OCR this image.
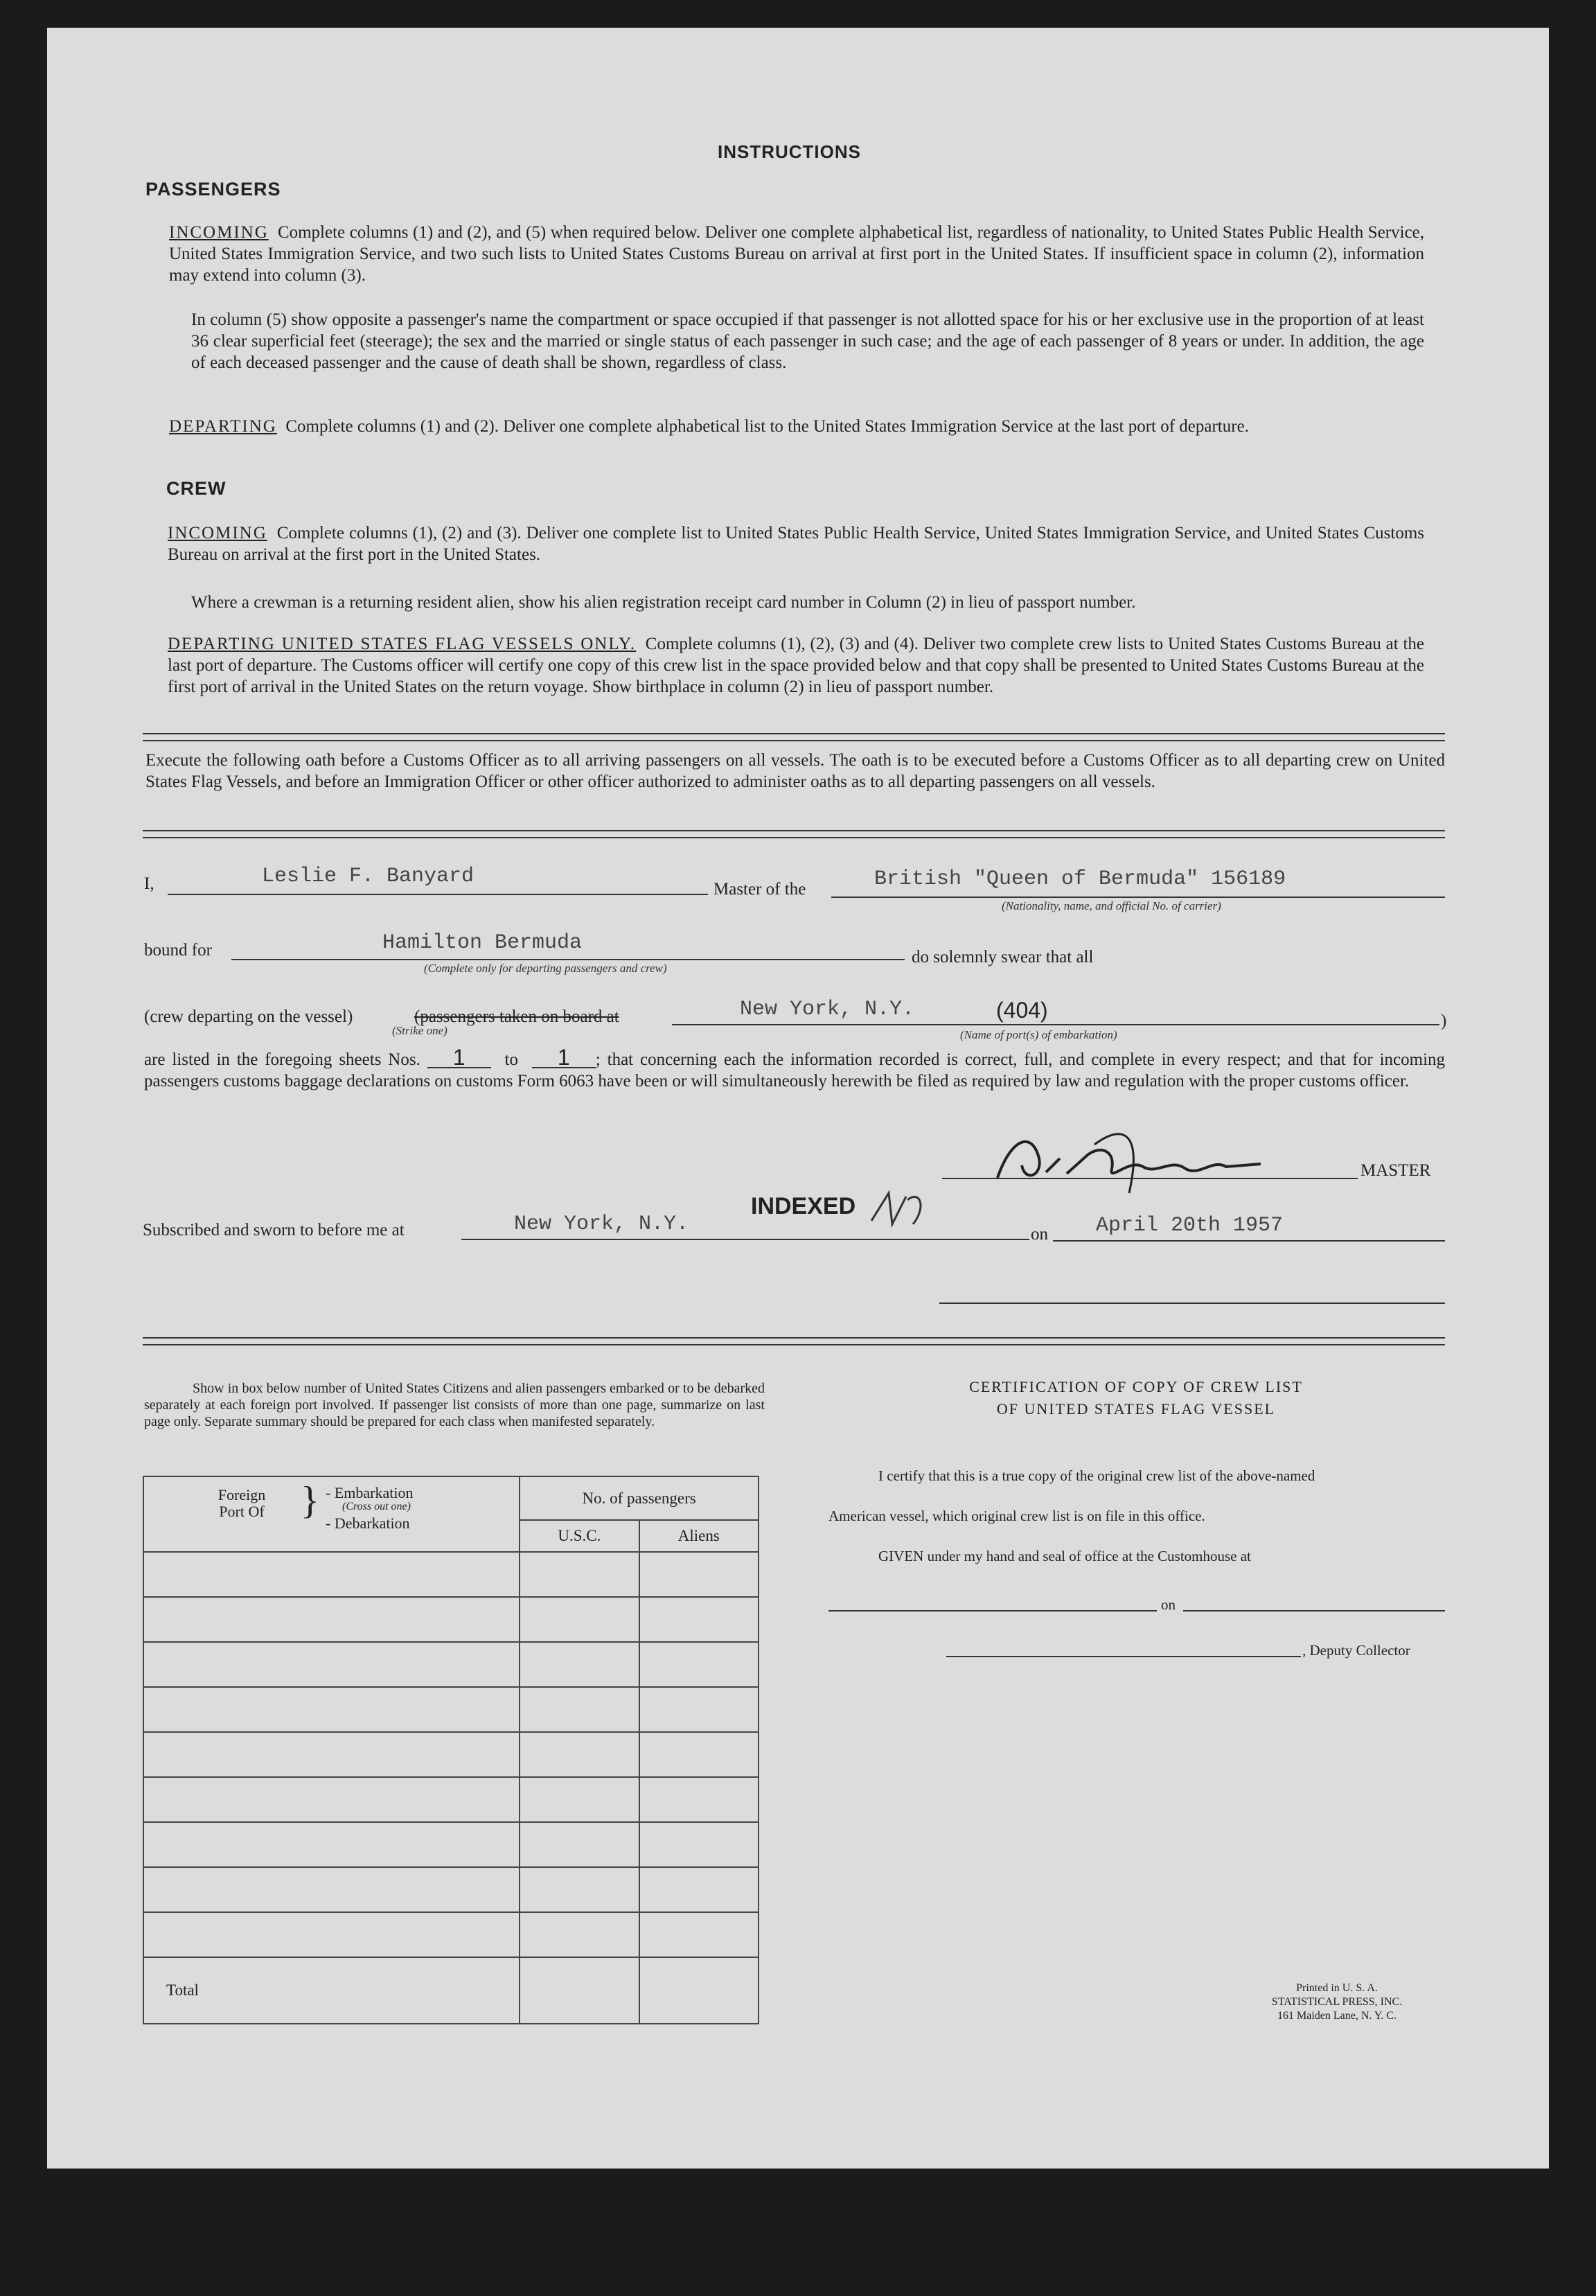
INSTRUCTIONS
PASSENGERS
INCOMING Complete columns (1) and (2), and (5) when required below. Deliver one complete alphabetical list, regardless of nationality, to United States Public Health Service, United States Immigration Service, and two such lists to United States Customs Bureau on arrival at first port in the United States. If insufficient space in column (2), information may extend into column (3).
In column (5) show opposite a passenger's name the compartment or space occupied if that passenger is not allotted space for his or her exclusive use in the proportion of at least 36 clear superficial feet (steerage); the sex and the married or single status of each passenger in such case; and the age of each passenger of 8 years or under. In addition, the age of each deceased passenger and the cause of death shall be shown, regardless of class.
DEPARTING Complete columns (1) and (2). Deliver one complete alphabetical list to the United States Immigration Service at the last port of departure.
CREW
INCOMING Complete columns (1), (2) and (3). Deliver one complete list to United States Public Health Service, United States Immigration Service, and United States Customs Bureau on arrival at the first port in the United States.
Where a crewman is a returning resident alien, show his alien registration receipt card number in Column (2) in lieu of passport number.
DEPARTING UNITED STATES FLAG VESSELS ONLY. Complete columns (1), (2), (3) and (4). Deliver two complete crew lists to United States Customs Bureau at the last port of departure. The Customs officer will certify one copy of this crew list in the space provided below and that copy shall be presented to United States Customs Bureau at the first port of arrival in the United States on the return voyage. Show birthplace in column (2) in lieu of passport number.
Execute the following oath before a Customs Officer as to all arriving passengers on all vessels. The oath is to be executed before a Customs Officer as to all departing crew on United States Flag Vessels, and before an Immigration Officer or other officer authorized to administer oaths as to all departing passengers on all vessels.
I,	Leslie F. Banyard
Master of the	British "Queen of Bermuda" 156189
(Nationality, name, and official No. of carrier)
bound for	Hamilton Bermuda
(Complete only for departing passengers and crew)
do solemnly swear that all
(crew departing on the vessel)	(passengers taken on board at
(Strike one)
New York, N.Y.	(404)
(Name of port(s) of embarkation)
)
are listed in the foregoing sheets Nos. 1 to 1 ; that concerning each the information recorded is correct, full, and complete in every respect; and that for incoming passengers customs baggage declarations on customs Form 6063 have been or will simultaneously herewith be filed as required by law and regulation with the proper customs officer.
MASTER
Subscribed and sworn to before me at	New York, N.Y.
INDEXED
on April 20th 1957
Show in box below number of United States Citizens and alien passengers embarked or to be debarked separately at each foreign port involved. If passenger list consists of more than one page, summarize on last page only. Separate summary should be prepared for each class when manifested separately.
Foreign Port Of } - Embarkation
(Cross out one)
- Debarkation	No. of passengers	
	U.S.C.	Aliens

Total		
CERTIFICATION OF COPY OF CREW LIST
OF UNITED STATES FLAG VESSEL
I certify that this is a true copy of the original crew list of the above-named
American vessel, which original crew list is on file in this office.
GIVEN under my hand and seal of office at the Customhouse at
on
, Deputy Collector
Printed in U. S. A.
STATISTICAL PRESS, INC.
161 Maiden Lane, N. Y. C.
